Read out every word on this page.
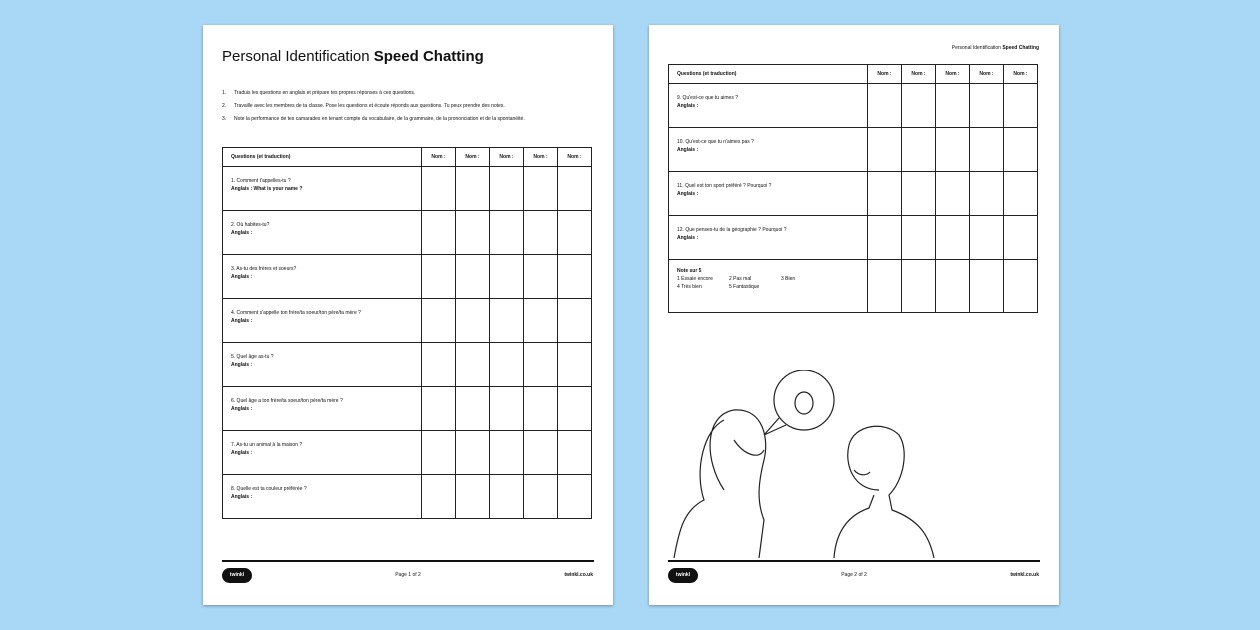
Personal Identification Speed Chatting
1. Traduis les questions en anglais et prépare tes propres réponses à ces questions.
2. Travaille avec les membres de ta classe. Pose les questions et écoute réponds aux questions. Tu peux prendre des notes.
3. Note la performance de tes camarades en tenant compte du vocabulaire, de la grammaire, de la prononciation et de la spontanéité.
Questions (et traduction)	Nom :	Nom :	Nom :	Nom :	Nom :

1. Comment t'appelles-tu ?
Anglais : What is your name ?					

2. Où habites-tu?
Anglais :					

3. As-tu des frères et soeurs?
Anglais :					

4. Comment s'appelle ton frère/ta soeur/ton père/ta mère ?
Anglais :					

5. Quel âge as-tu ?
Anglais :					

6. Quel âge a ton frère/ta soeur/ton père/ta mère ?
Anglais :					

7. As-tu un animal à la maison ?
Anglais :					

8. Quelle est ta couleur préférée ?
Anglais :					

twinkl	Page 1 of 2	twinkl.co.uk
Personal Identification Speed Chatting
Questions (et traduction)	Nom :	Nom :	Nom :	Nom :	Nom :

9. Qu'est-ce que tu aimes ?
Anglais :					

10. Qu'est-ce que tu n'aimes pas ?
Anglais :					

11. Quel est ton sport préféré ? Pourquoi ?
Anglais :					

12. Que penses-tu de la géographie ? Pourquoi ?
Anglais :					

Note sur 5
1 Essaie encore 2 Pas mal 3 Bien
4 Très bien 5 Fantastique					

twinkl	Page 2 of 2	twinkl.co.uk
